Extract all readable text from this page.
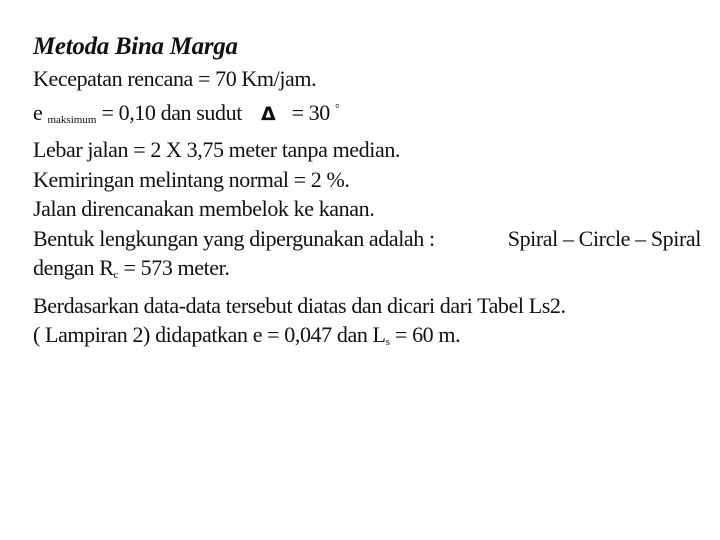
Metoda Bina Marga
Kecepatan rencana = 70 Km/jam.
e $_{maksimum}$ = 0,10 dan sudut Δ = 30 °
Lebar jalan = 2 X 3,75 meter tanpa median.
Kemiringan melintang normal = 2 %.
Jalan direncanakan membelok ke kanan.
Bentuk lengkungan yang dipergunakan adalah :	Spiral – Circle – Spiral
dengan $R_c = 573$ meter.
Berdasarkan data-data tersebut diatas dan dicari dari Tabel Ls2.
( Lampiran 2) didapatkan e = 0,047 dan $L_s = 60$ m.
